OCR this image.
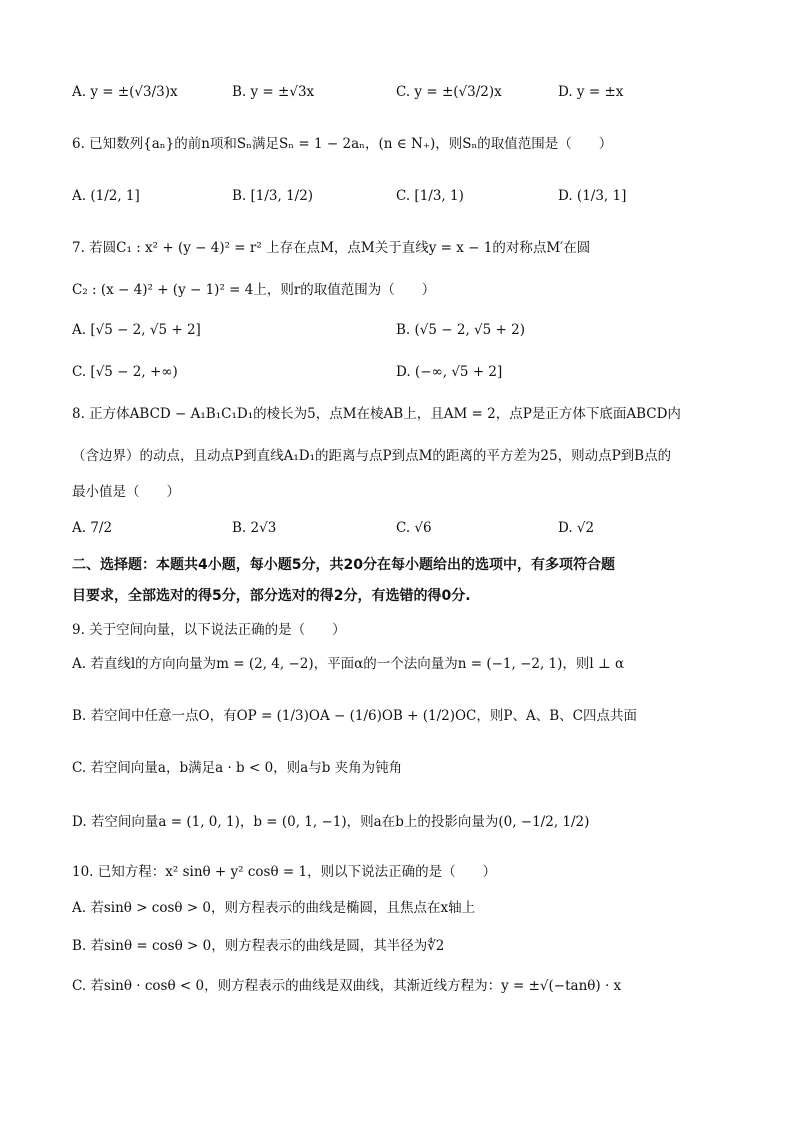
A. y = ±(√3/3)x	B. y = ±√3x	C. y = ±(√3/2)x	D. y = ±x
6. 已知数列{aₙ}的前n项和Sₙ满足Sₙ = 1 − 2aₙ，(n ∈ N₊)，则Sₙ的取值范围是（　　）
A. (1/2, 1]	B. [1/3, 1/2)	C. [1/3, 1)	D. (1/3, 1]
7. 若圆C₁ : x² + (y − 4)² = r² 上存在点M，点M关于直线y = x − 1的对称点M′在圆
C₂ : (x − 4)² + (y − 1)² = 4上，则r的取值范围为（　　）
A. [√5 − 2, √5 + 2]	B. (√5 − 2, √5 + 2)
C. [√5 − 2, +∞)	D. (−∞, √5 + 2]
8. 正方体ABCD − A₁B₁C₁D₁的棱长为5，点M在棱AB上，且AM = 2，点P是正方体下底面ABCD内
（含边界）的动点，且动点P到直线A₁D₁的距离与点P到点M的距离的平方差为25，则动点P到B点的
最小值是（　　）
A. 7/2	B. 2√3	C. √6	D. √2
二、选择题：本题共4小题，每小题5分，共20分在每小题给出的选项中，有多项符合题
目要求，全部选对的得5分，部分选对的得2分，有选错的得0分.
9. 关于空间向量，以下说法正确的是（　　）
A. 若直线l的方向向量为m = (2, 4, −2)，平面α的一个法向量为n = (−1, −2, 1)，则l ⊥ α
B. 若空间中任意一点O，有OP = (1/3)OA − (1/6)OB + (1/2)OC，则P、A、B、C四点共面
C. 若空间向量a，b满足a · b < 0，则a与b 夹角为钝角
D. 若空间向量a = (1, 0, 1)，b = (0, 1, −1)，则a在b上的投影向量为(0, −1/2, 1/2)
10. 已知方程：x² sinθ + y² cosθ = 1，则以下说法正确的是（　　）
A. 若sinθ > cosθ > 0，则方程表示的曲线是椭圆，且焦点在x轴上
B. 若sinθ = cosθ > 0，则方程表示的曲线是圆，其半径为∜2
C. 若sinθ · cosθ < 0，则方程表示的曲线是双曲线，其渐近线方程为：y = ±√(−tanθ) · x
